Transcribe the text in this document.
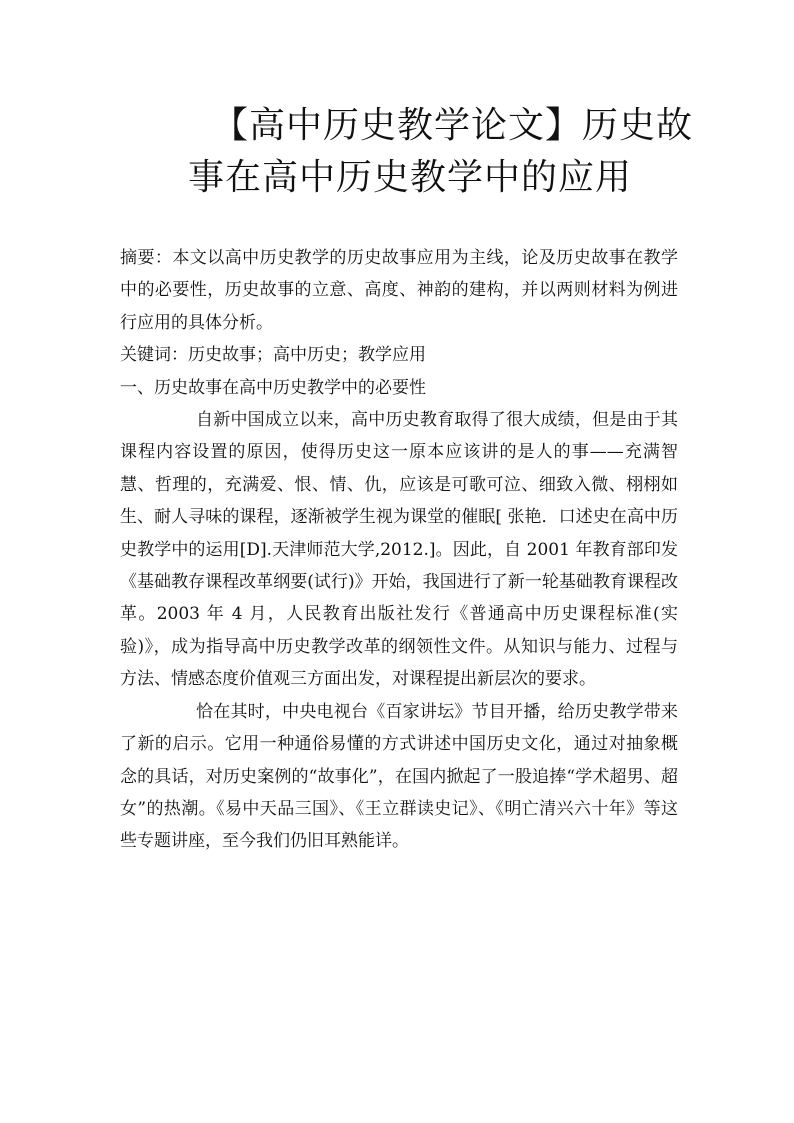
【高中历史教学论文】历史故
事在高中历史教学中的应用

摘要：本文以高中历史教学的历史故事应用为主线，论及历史故事在教学中的必要性，历史故事的立意、高度、神韵的建构，并以两则材料为例进行应用的具体分析。

关键词：历史故事；高中历史；教学应用

一、历史故事在高中历史教学中的必要性

自新中国成立以来，高中历史教育取得了很大成绩，但是由于其课程内容设置的原因，使得历史这一原本应该讲的是人的事——充满智慧、哲理的，充满爱、恨、情、仇，应该是可歌可泣、细致入微、栩栩如生、耐人寻味的课程，逐渐被学生视为课堂的催眠[ 张艳．口述史在高中历史教学中的运用[D].天津师范大学,2012.]。因此，自 2001 年教育部印发《基础教存课程改革纲要(试行)》开始，我国进行了新一轮基础教育课程改革。2003 年 4 月，人民教育出版社发行《普通高中历史课程标准(实验)》，成为指导高中历史教学改革的纲领性文件。从知识与能力、过程与方法、情感态度价值观三方面出发，对课程提出新层次的要求。

恰在其时，中央电视台《百家讲坛》节目开播，给历史教学带来了新的启示。它用一种通俗易懂的方式讲述中国历史文化，通过对抽象概念的具话，对历史案例的“故事化”，在国内掀起了一股追捧“学术超男、超女”的热潮。《易中天品三国》、《王立群读史记》、《明亡清兴六十年》等这些专题讲座，至今我们仍旧耳熟能详。
